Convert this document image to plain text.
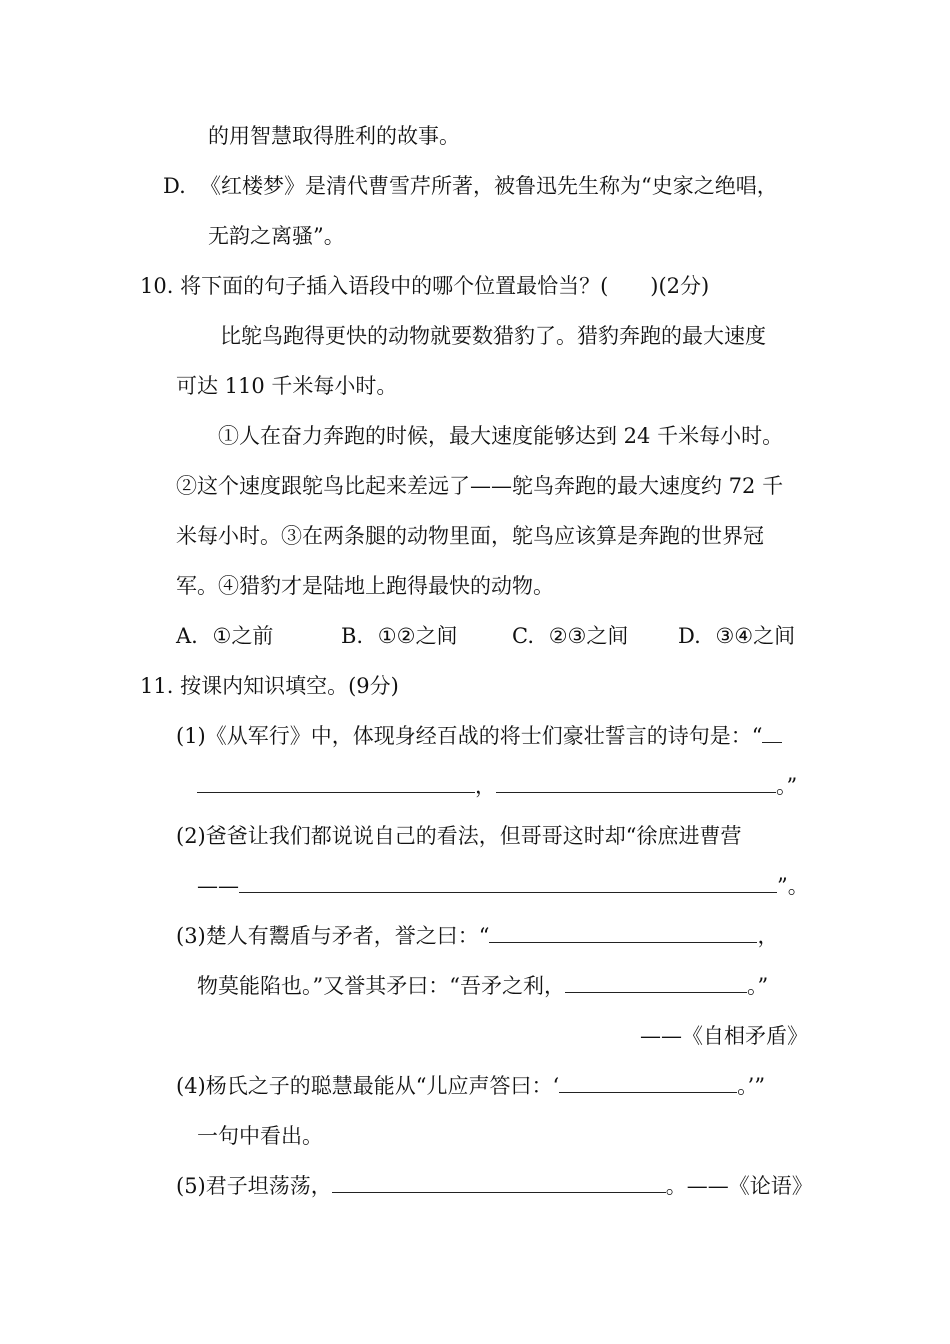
的用智慧取得胜利的故事。
D. 《红楼梦》是清代曹雪芹所著，被鲁迅先生称为“史家之绝唱，
无韵之离骚”。
10. 将下面的句子插入语段中的哪个位置最恰当？( )(2分)
比鸵鸟跑得更快的动物就要数猎豹了。猎豹奔跑的最大速度
可达 110 千米每小时。
①人在奋力奔跑的时候，最大速度能够达到 24 千米每小时。
②这个速度跟鸵鸟比起来差远了——鸵鸟奔跑的最大速度约 72 千
米每小时。③在两条腿的动物里面，鸵鸟应该算是奔跑的世界冠
军。④猎豹才是陆地上跑得最快的动物。
A. ①之前	B. ①②之间	C. ②③之间 D. ③④之间
11. 按课内知识填空。(9分)
(1)《从军行》中，体现身经百战的将士们豪壮誓言的诗句是：“
，	。”
(2)爸爸让我们都说说自己的看法，但哥哥这时却“徐庶进曹营
——	”。
(3)楚人有鬻盾与矛者，誉之曰：“	，
物莫能陷也。”又誉其矛曰：“吾矛之利，	。”
——《自相矛盾》
(4)杨氏之子的聪慧最能从“儿应声答曰：‘	。’”
一句中看出。
(5)君子坦荡荡，	。——《论语》
